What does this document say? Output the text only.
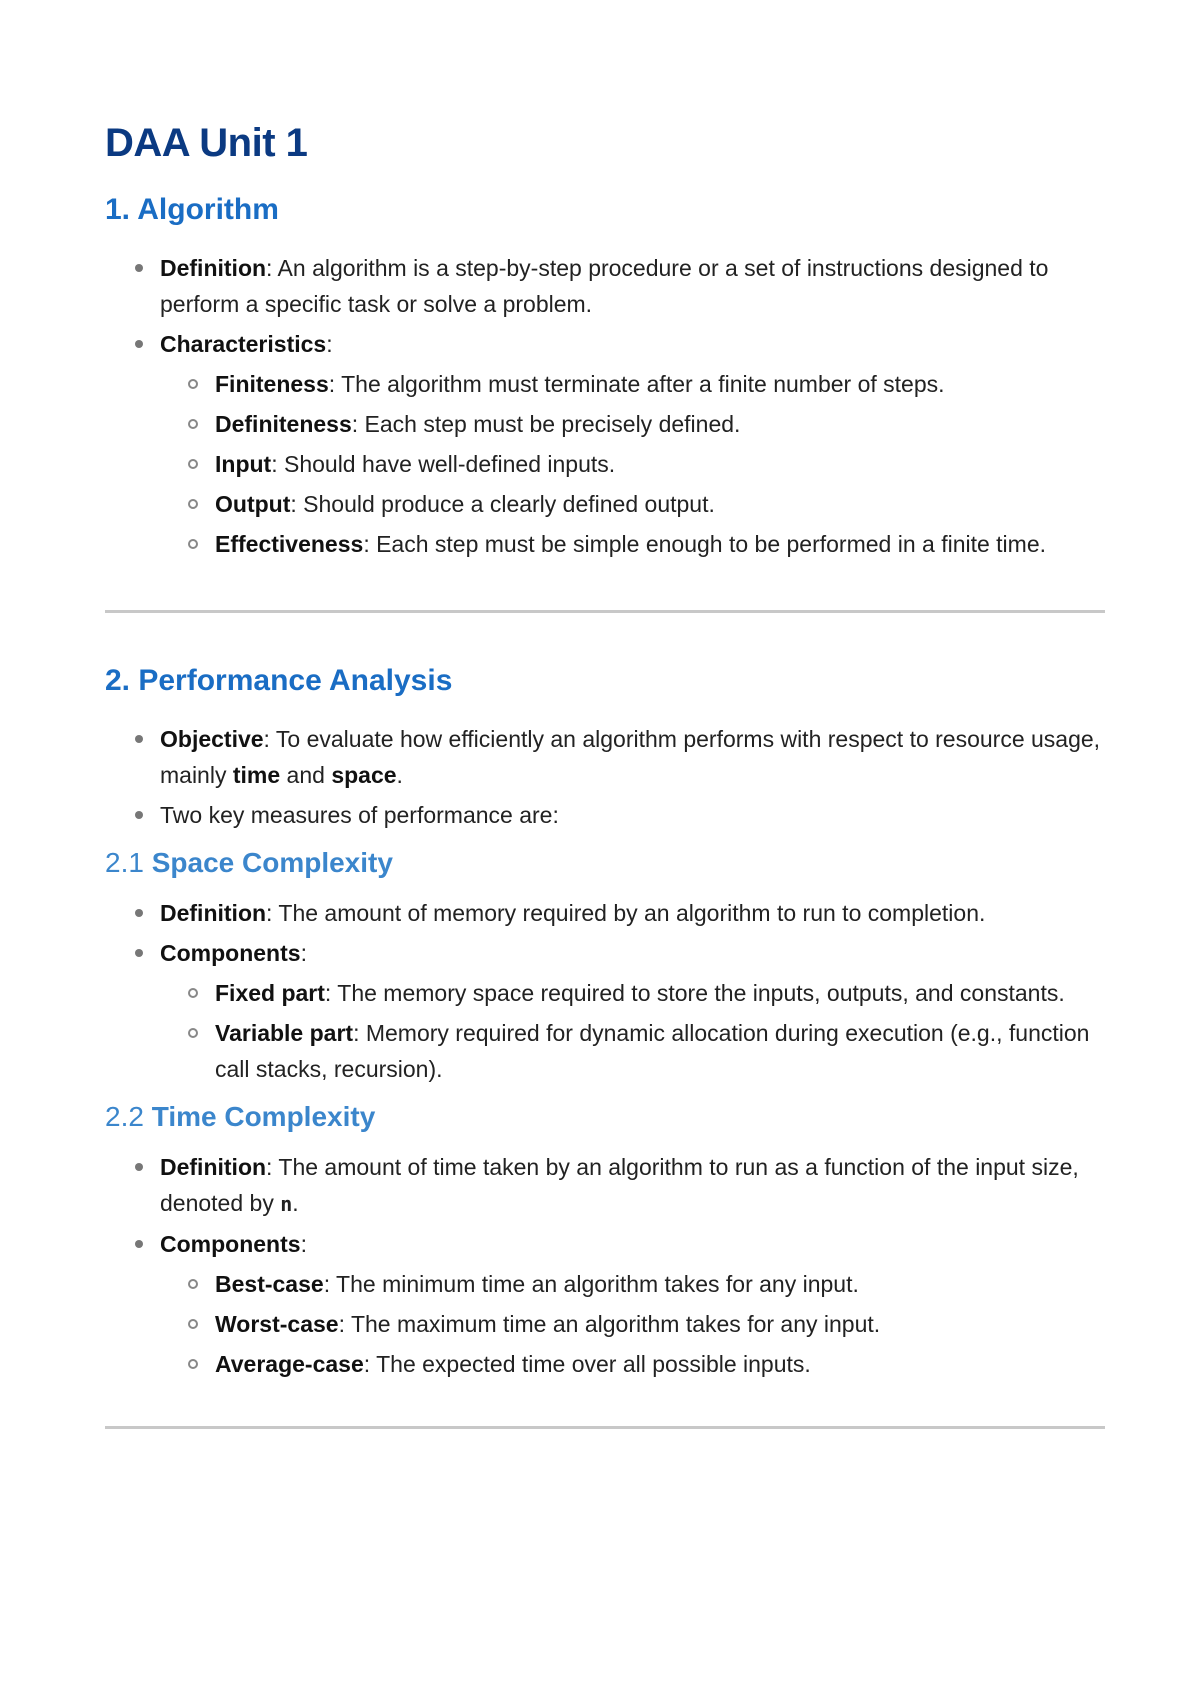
DAA Unit 1
1. Algorithm
Definition: An algorithm is a step-by-step procedure or a set of instructions designed to perform a specific task or solve a problem.
Characteristics:
Finiteness: The algorithm must terminate after a finite number of steps.
Definiteness: Each step must be precisely defined.
Input: Should have well-defined inputs.
Output: Should produce a clearly defined output.
Effectiveness: Each step must be simple enough to be performed in a finite time.
2. Performance Analysis
Objective: To evaluate how efficiently an algorithm performs with respect to resource usage, mainly time and space.
Two key measures of performance are:
2.1 Space Complexity
Definition: The amount of memory required by an algorithm to run to completion.
Components:
Fixed part: The memory space required to store the inputs, outputs, and constants.
Variable part: Memory required for dynamic allocation during execution (e.g., function call stacks, recursion).
2.2 Time Complexity
Definition: The amount of time taken by an algorithm to run as a function of the input size, denoted by n.
Components:
Best-case: The minimum time an algorithm takes for any input.
Worst-case: The maximum time an algorithm takes for any input.
Average-case: The expected time over all possible inputs.
